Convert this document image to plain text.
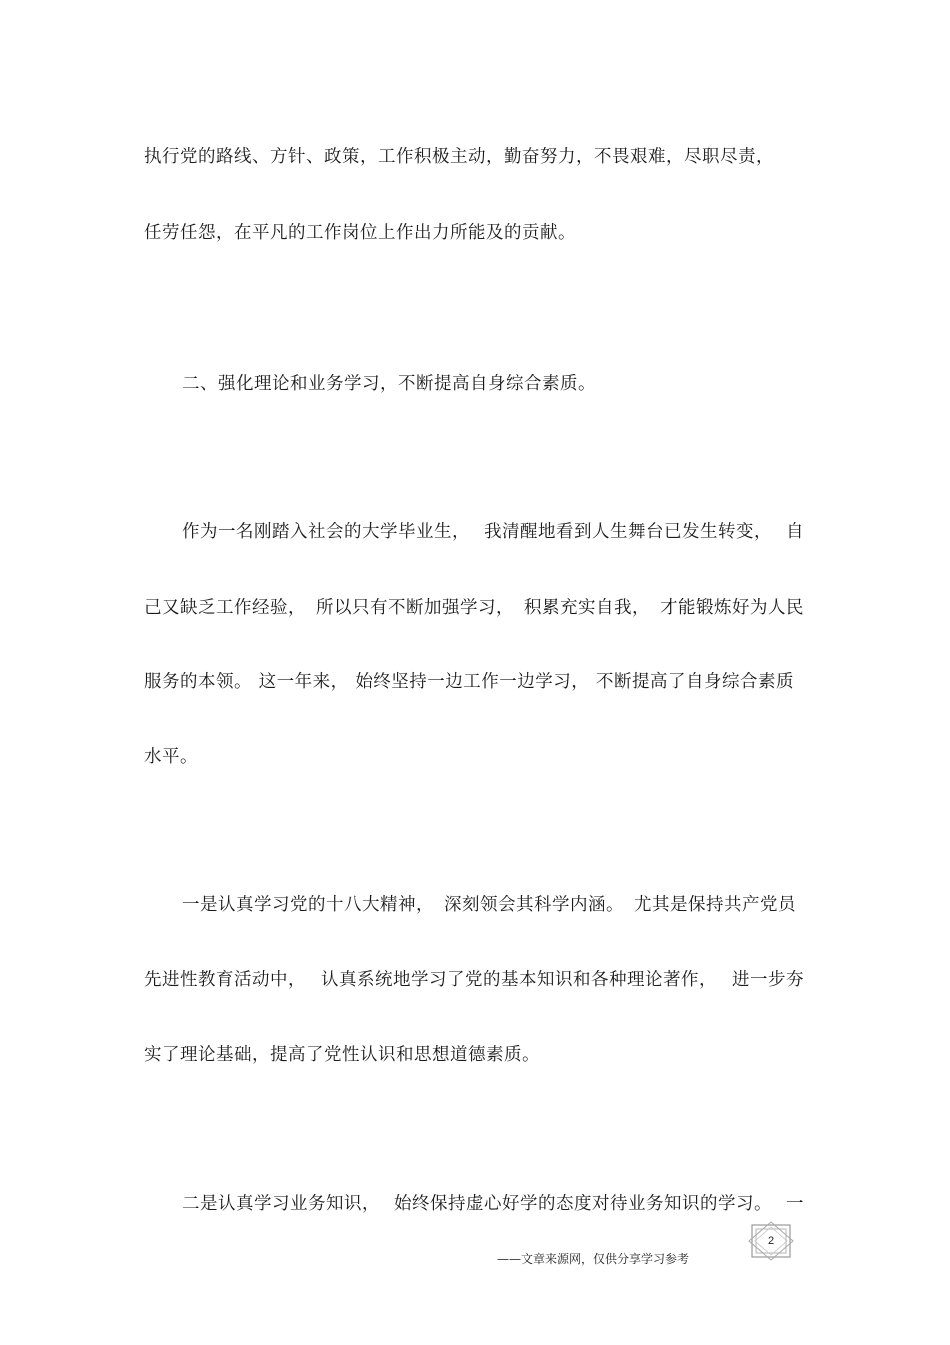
执行党的路线、方针、政策，工作积极主动，勤奋努力，不畏艰难，尽职尽责，
任劳任怨，在平凡的工作岗位上作出力所能及的贡献。
二、强化理论和业务学习，不断提高自身综合素质。
作为一名刚踏入社会的大学毕业生， 我清醒地看到人生舞台已发生转变， 自
己又缺乏工作经验， 所以只有不断加强学习， 积累充实自我， 才能锻炼好为人民
服务的本领。 这一年来， 始终坚持一边工作一边学习， 不断提高了自身综合素质
水平。
一是认真学习党的十八大精神， 深刻领会其科学内涵。 尤其是保持共产党员
先进性教育活动中， 认真系统地学习了党的基本知识和各种理论著作， 进一步夯
实了理论基础，提高了党性认识和思想道德素质。
二是认真学习业务知识， 始终保持虚心好学的态度对待业务知识的学习。 一
——文章来源网，仅供分享学习参考
2
